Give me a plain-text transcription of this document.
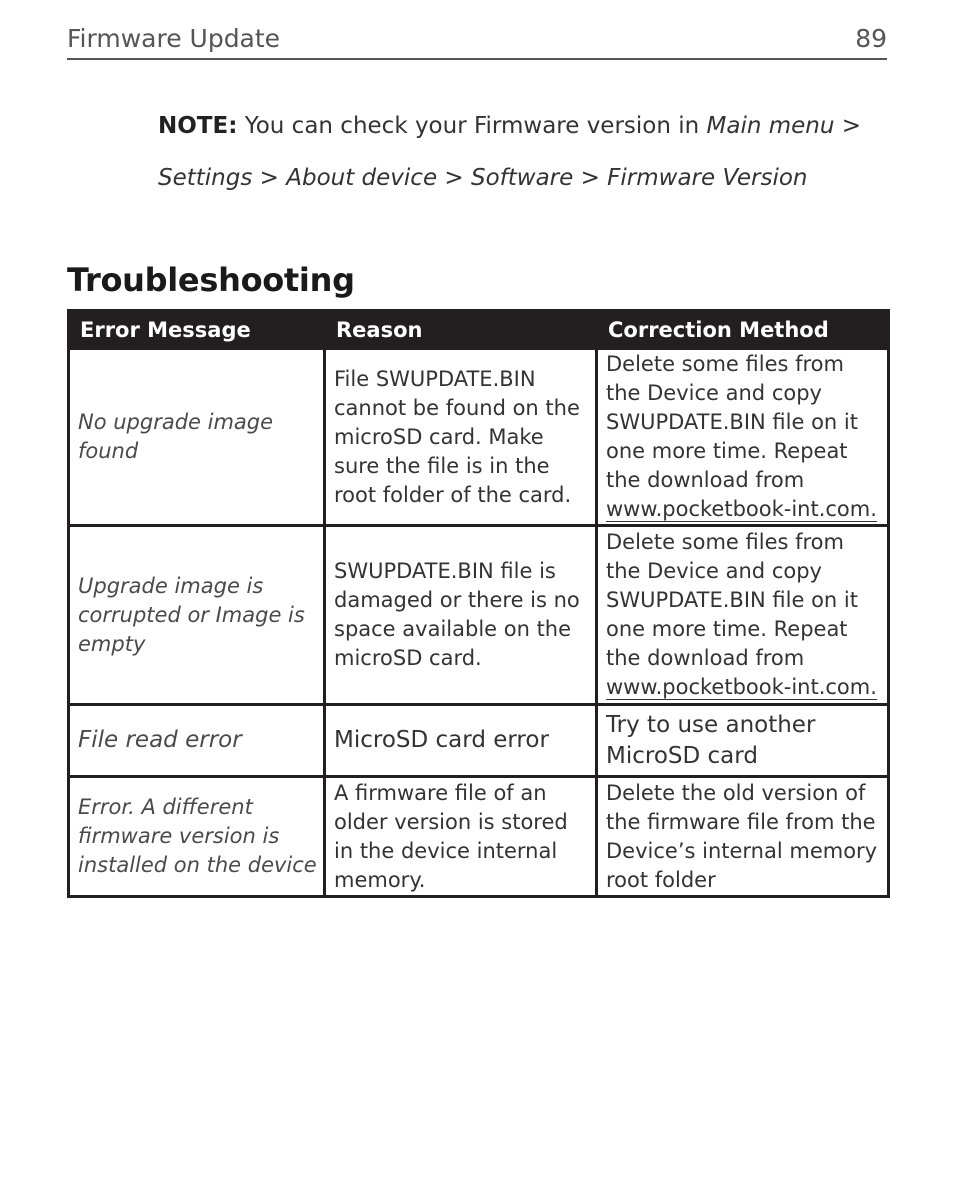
Firmware Update	89
NOTE: You can check your Firmware version in Main menu > Settings > About device > Software > Firmware Version
Troubleshooting
Error Message	Reason	Correction Method
No upgrade image found	File SWUPDATE.BIN cannot be found on the microSD card. Make sure the file is in the root folder of the card.	Delete some files from the Device and copy SWUPDATE.BIN file on it one more time. Repeat the download from www.pocketbook-int.com.
Upgrade image is corrupted or Image is empty	SWUPDATE.BIN file is damaged or there is no space available on the microSD card.	Delete some files from the Device and copy SWUPDATE.BIN file on it one more time. Repeat the download from www.pocketbook-int.com.
File read error	MicroSD card error	Try to use another MicroSD card
Error. A different firmware version is installed on the device	A firmware file of an older version is stored in the device internal memory.	Delete the old version of the firmware file from the Device’s internal memory root folder
